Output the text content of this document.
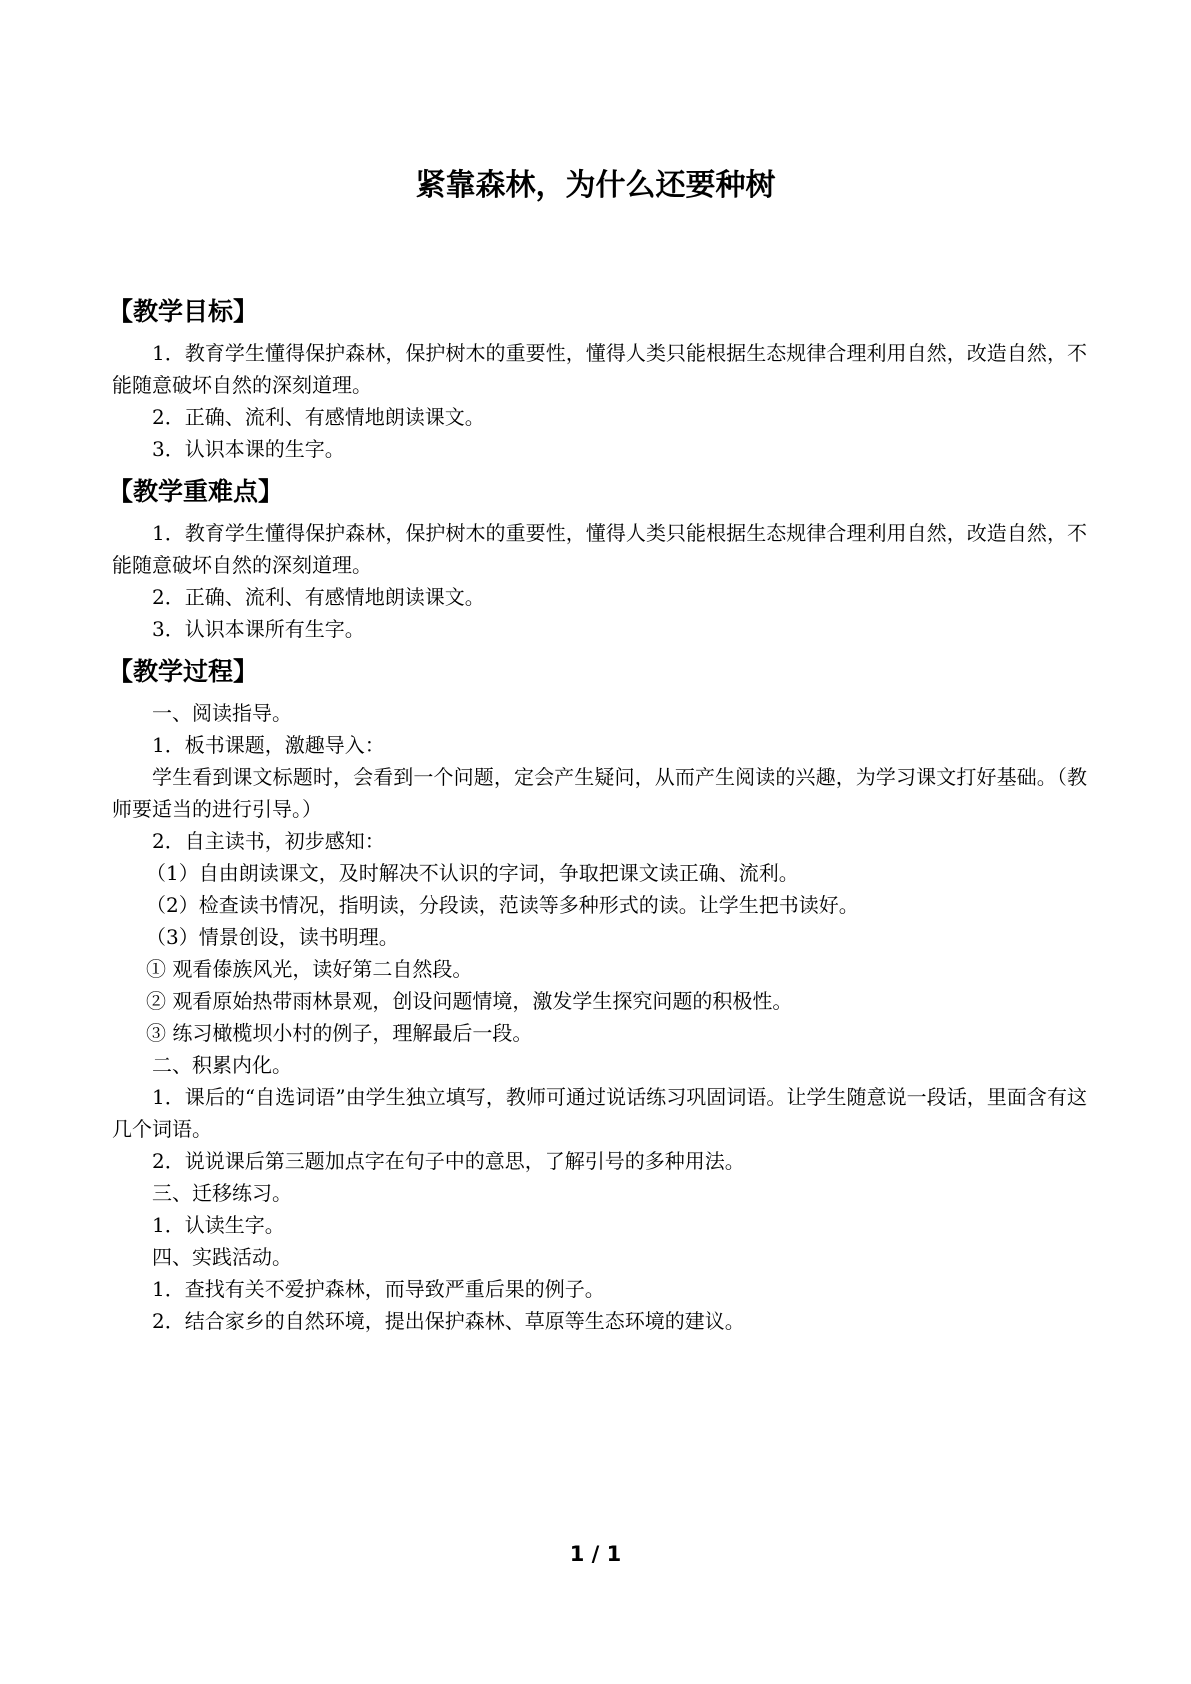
紧靠森林，为什么还要种树
【教学目标】

1．教育学生懂得保护森林，保护树木的重要性，懂得人类只能根据生态规律合理利用自然，改造自然，不能随意破坏自然的深刻道理。

2．正确、流利、有感情地朗读课文。

3．认识本课的生字。

【教学重难点】

1．教育学生懂得保护森林，保护树木的重要性，懂得人类只能根据生态规律合理利用自然，改造自然，不能随意破坏自然的深刻道理。

2．正确、流利、有感情地朗读课文。

3．认识本课所有生字。

【教学过程】

一、阅读指导。

1．板书课题，激趣导入：

学生看到课文标题时，会看到一个问题，定会产生疑问，从而产生阅读的兴趣，为学习课文打好基础。（教师要适当的进行引导。）

2．自主读书，初步感知：

（1）自由朗读课文，及时解决不认识的字词，争取把课文读正确、流利。

（2）检查读书情况，指明读，分段读，范读等多种形式的读。让学生把书读好。

（3）情景创设，读书明理。

① 观看傣族风光，读好第二自然段。

② 观看原始热带雨林景观，创设问题情境，激发学生探究问题的积极性。

③ 练习橄榄坝小村的例子，理解最后一段。

二、积累内化。

1．课后的“自选词语”由学生独立填写，教师可通过说话练习巩固词语。让学生随意说一段话，里面含有这几个词语。

2．说说课后第三题加点字在句子中的意思，了解引号的多种用法。

三、迁移练习。

1．认读生字。

四、实践活动。

1．查找有关不爱护森林，而导致严重后果的例子。

2．结合家乡的自然环境，提出保护森林、草原等生态环境的建议。

1 / 1
